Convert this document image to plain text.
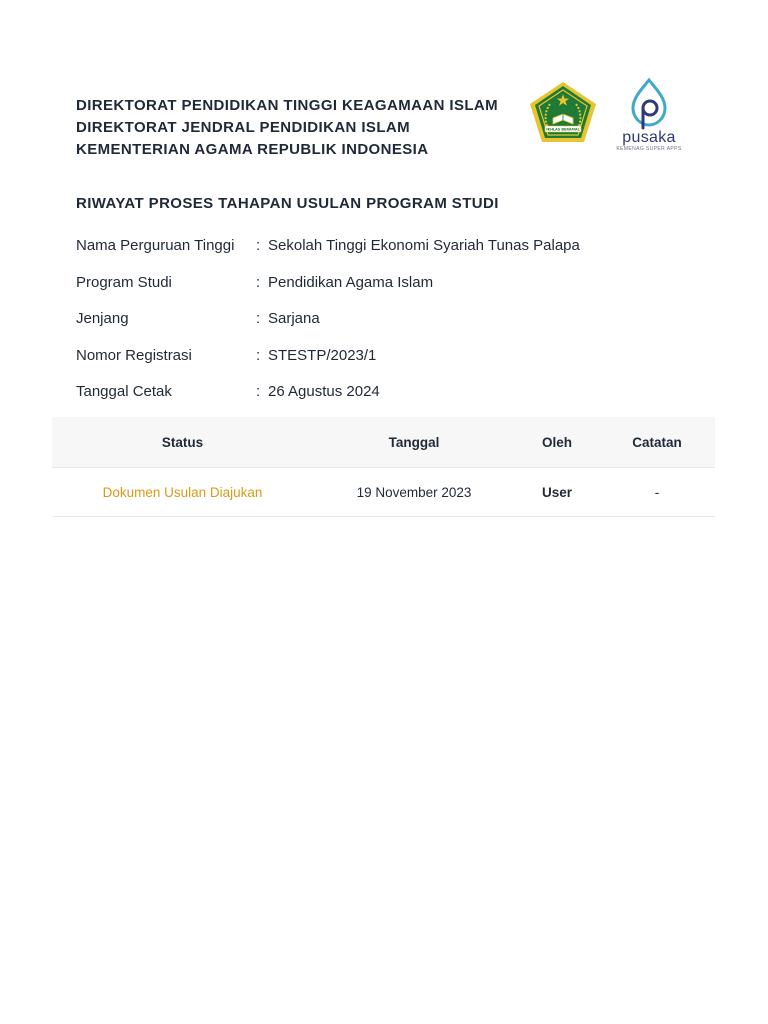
DIREKTORAT PENDIDIKAN TINGGI KEAGAMAAN ISLAM
DIREKTORAT JENDRAL PENDIDIKAN ISLAM
KEMENTERIAN AGAMA REPUBLIK INDONESIA
IKHLAS BERAMAL	pusaka
KEMENAG SUPER APPS
RIWAYAT PROSES TAHAPAN USULAN PROGRAM STUDI
Nama Perguruan Tinggi : Sekolah Tinggi Ekonomi Syariah Tunas Palapa
Program Studi	: Pendidikan Agama Islam
Jenjang	: Sarjana
Nomor Registrasi	: STESTP/2023/1
Tanggal Cetak	: 26 Agustus 2024
Status	Tanggal	Oleh	Catatan
Dokumen Usulan Diajukan	19 November 2023	User	-
